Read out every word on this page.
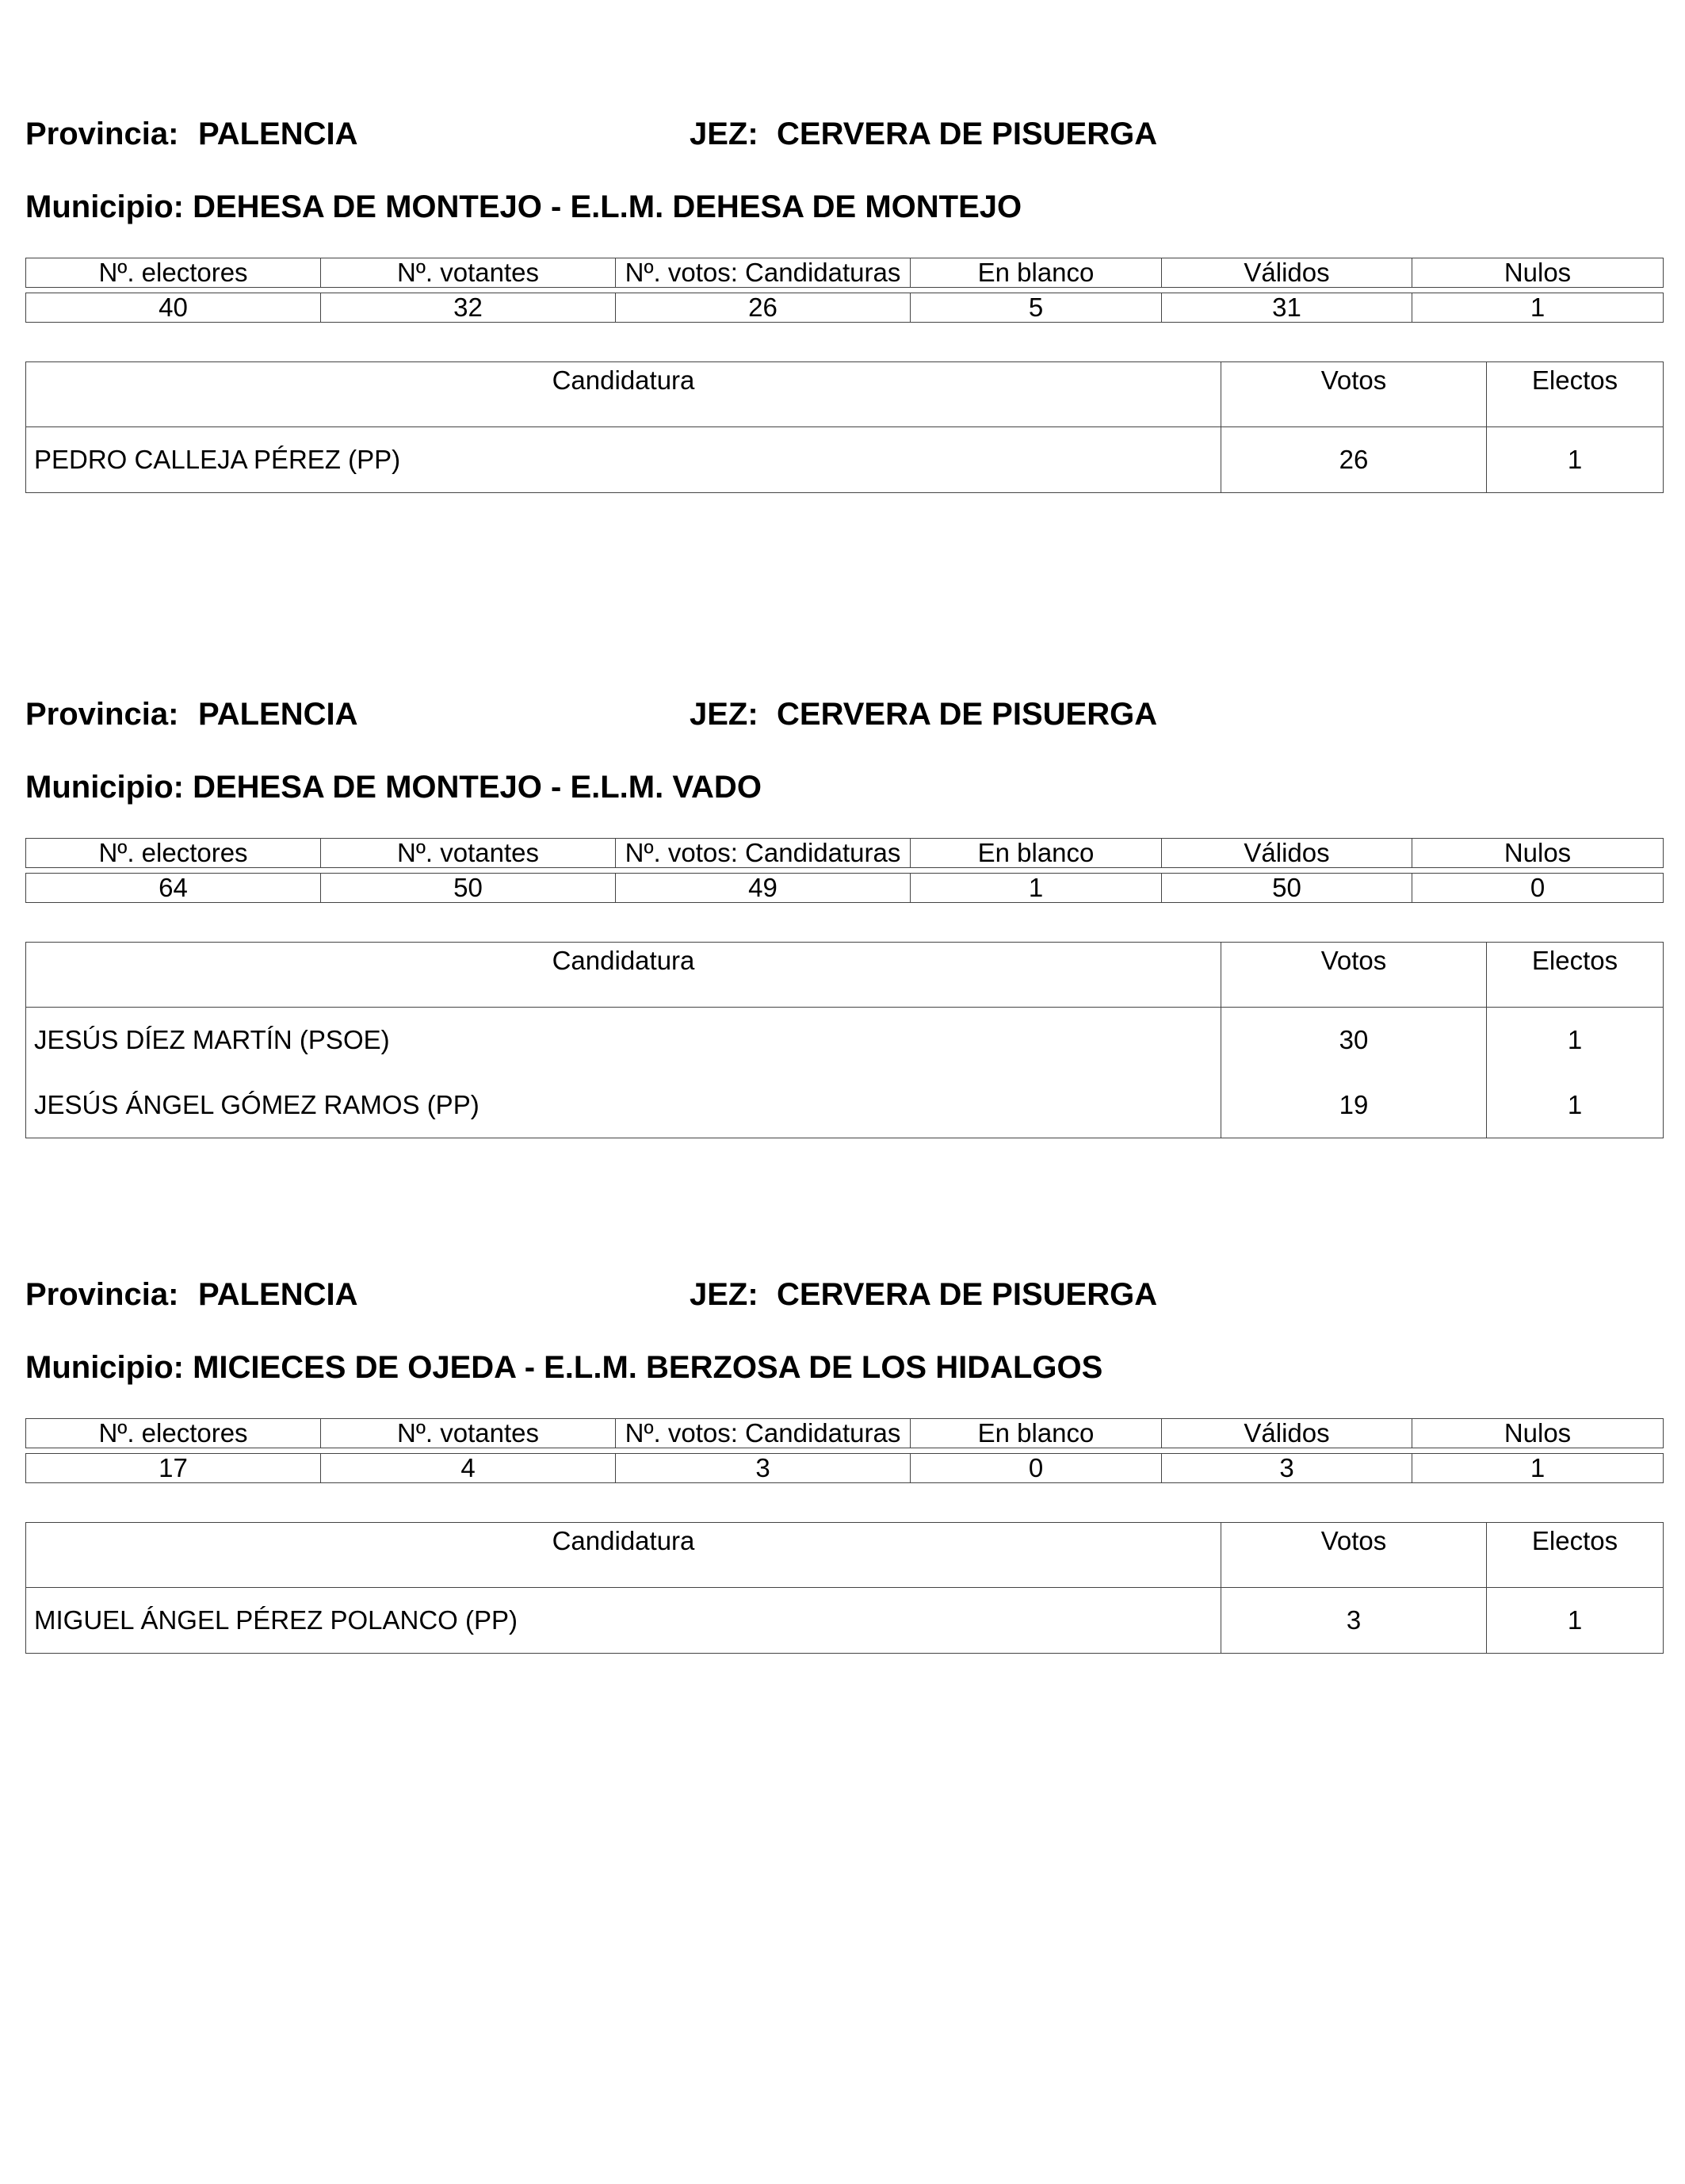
Provincia: PALENCIA	JEZ: CERVERA DE PISUERGA
Municipio: DEHESA DE MONTEJO - E.L.M. DEHESA DE MONTEJO
Nº. electores	Nº. votantes	Nº. votos: Candidaturas	En blanco	Válidos	Nulos

40	32	26	5	31	1
Candidatura	Votos	Electos
PEDRO CALLEJA PÉREZ (PP)	26	1
Provincia: PALENCIA	JEZ: CERVERA DE PISUERGA
Municipio: DEHESA DE MONTEJO - E.L.M. VADO
Nº. electores	Nº. votantes	Nº. votos: Candidaturas	En blanco	Válidos	Nulos

64	50	49	1	50	0
Candidatura	Votos	Electos
JESÚS DÍEZ MARTÍN (PSOE)	30	1
JESÚS ÁNGEL GÓMEZ RAMOS (PP)	19	1
Provincia: PALENCIA	JEZ: CERVERA DE PISUERGA
Municipio: MICIECES DE OJEDA - E.L.M. BERZOSA DE LOS HIDALGOS
Nº. electores	Nº. votantes	Nº. votos: Candidaturas	En blanco	Válidos	Nulos

17	4	3	0	3	1
Candidatura	Votos	Electos
MIGUEL ÁNGEL PÉREZ POLANCO (PP)	3	1
